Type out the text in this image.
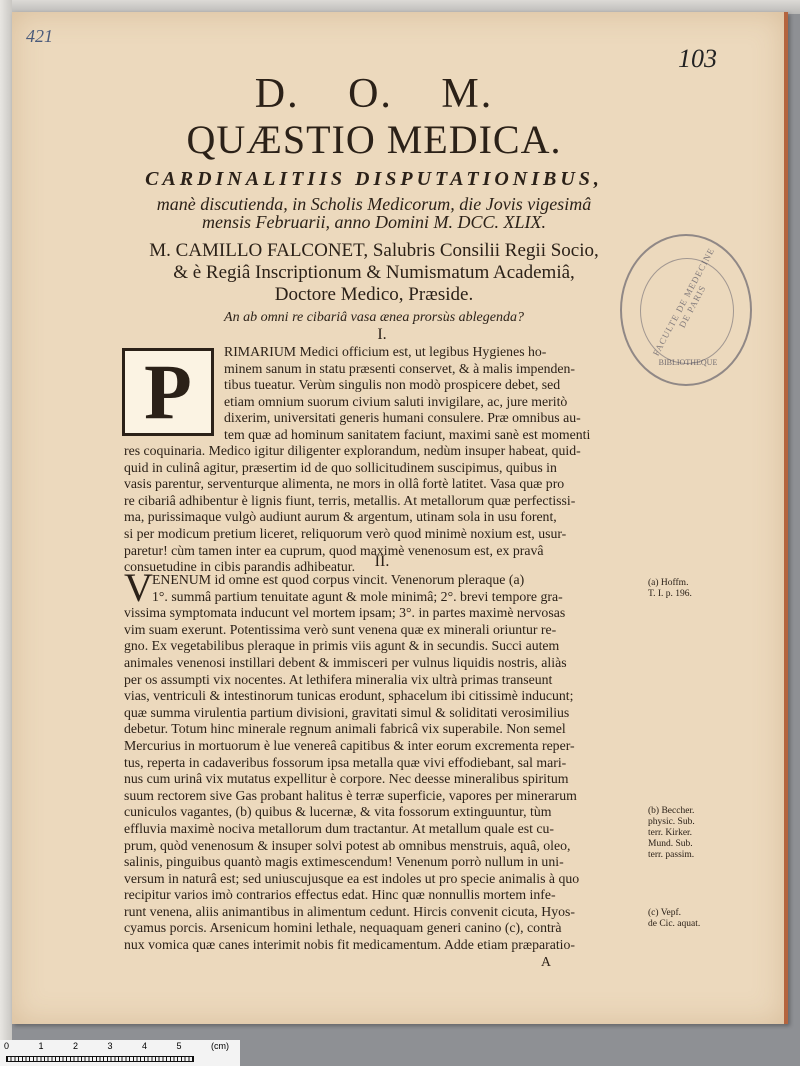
421
103
FACULTE DE MEDECINE DE PARIS
BIBLIOTHEQUE
D. O. M.
QUÆSTIO MEDICA.
CARDINALITIIS DISPUTATIONIBUS,
manè discutienda, in Scholis Medicorum, die Jovis vigesimâ
mensis Februarii, anno Domini M. DCC. XLIX.
M. CAMILLO FALCONET, Salubris Consilii Regii Socio,
& è Regiâ Inscriptionum & Numismatum Academiâ,
Doctore Medico, Præside.
An ab omni re cibariâ vasa ænea prorsùs ablegenda?
I.
P	RIMARIUM Medici officium est, ut legibus Hygienes ho-
minem sanum in statu præsenti conservet, & à malis impenden-
tibus tueatur. Verùm singulis non modò prospicere debet, sed
etiam omnium suorum civium saluti invigilare, ac, jure meritò
dixerim, universitati generis humani consulere. Præ omnibus au-
tem quæ ad hominum sanitatem faciunt, maximi sanè est momenti
res coquinaria. Medico igitur diligenter explorandum, nedùm insuper habeat, quid-
quid in culinâ agitur, præsertim id de quo sollicitudinem suscipimus, quibus in
vasis parentur, serventurque alimenta, ne mors in ollâ fortè latitet. Vasa quæ pro
re cibariâ adhibentur è lignis fiunt, terris, metallis. At metallorum quæ perfectissi-
ma, purissimaque vulgò audiunt aurum & argentum, utinam sola in usu forent,
si per modicum pretium liceret, reliquorum verò quod minimè noxium est, usur-
paretur! cùm tamen inter ea cuprum, quod maximè venenosum est, ex pravâ
consuetudine in cibis parandis adhibeatur.	II.
V ENENUM id omne est quod corpus vincit. Venenorum pleraque (a)
1°. summâ partium tenuitate agunt & mole minimâ; 2°. brevi tempore gra-
vissima symptomata inducunt vel mortem ipsam; 3°. in partes maximè nervosas
vim suam exerunt. Potentissima verò sunt venena quæ ex minerali oriuntur re-
gno. Ex vegetabilibus pleraque in primis viis agunt & in secundis. Succi autem
animales venenosi instillari debent & immisceri per vulnus liquidis nostris, aliàs
per os assumpti vix nocentes. At lethifera mineralia vix ultrà primas transeunt
vias, ventriculi & intestinorum tunicas erodunt, sphacelum ibi citissimè inducunt;
quæ summa virulentia partium divisioni, gravitati simul & soliditati verosimilius
debetur. Totum hinc minerale regnum animali fabricâ vix superabile. Non semel
Mercurius in mortuorum è lue venereâ capitibus & inter eorum excrementa reper-
tus, reperta in cadaveribus fossorum ipsa metalla quæ vivi effodiebant, sal mari-
nus cum urinâ vix mutatus expellitur è corpore. Nec deesse mineralibus spiritum
suum rectorem sive Gas probant halitus è terræ superficie, vapores per minerarum
cuniculos vagantes, (b) quibus & lucernæ, & vita fossorum extinguuntur, tùm
effluvia maximè nociva metallorum dum tractantur. At metallum quale est cu-
prum, quòd venenosum & insuper solvi potest ab omnibus menstruis, aquâ, oleo,
salinis, pinguibus quantò magis extimescendum! Venenum porrò nullum in uni-
versum in naturâ est; sed uniuscujusque ea est indoles ut pro specie animalis à quo
recipitur varios imò contrarios effectus edat. Hinc quæ nonnullis mortem infe-
runt venena, aliis animantibus in alimentum cedunt. Hircis convenit cicuta, Hyos-
cyamus porcis. Arsenicum homini lethale, nequaquam generi canino (c), contrà
nux vomica quæ canes interimit nobis fit medicamentum. Adde etiam præparatio-
A
(a) Hoffm.
T. I. p. 196.
(b) Beccher.
physic. Sub.
terr. Kirker.
Mund. Sub.
terr. passim.
(c) Vepf.
de Cic. aquat.
0 1 2 3 4 5 (cm)
